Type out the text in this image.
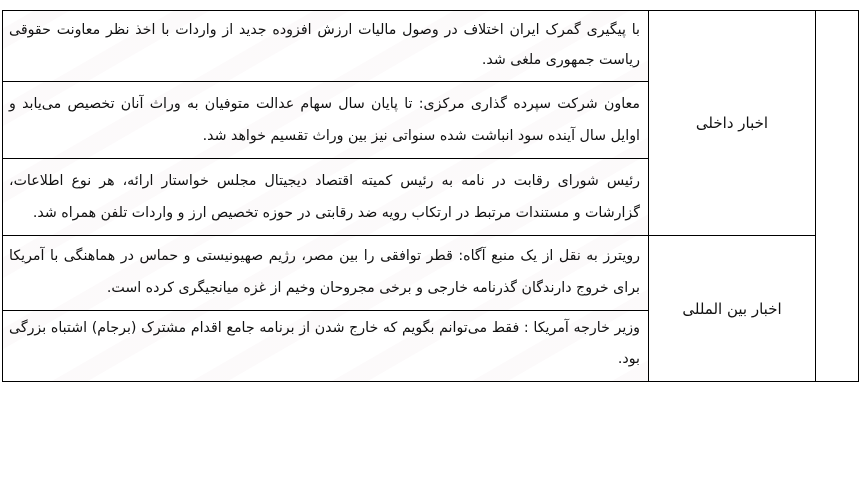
	اخبار داخلی	با پیگیری گمرک ایران اختلاف در وصول مالیات ارزش افزوده جدید از واردات با اخذ نظر معاونت حقوقی ریاست جمهوری ملغی شد.
معاون شرکت سپرده گذاری مرکزی: تا پایان سال سهام عدالت متوفیان به وراث آنان تخصیص می‌یابد و اوایل سال آینده سود انباشت شده سنواتی نیز بین وراث تقسیم خواهد شد.
رئیس شورای رقابت در نامه به رئیس کمیته اقتصاد دیجیتال مجلس خواستار ارائه، هر نوع اطلاعات، گزارشات و مستندات مرتبط در ارتکاب رویه ضد رقابتی در حوزه تخصیص ارز و واردات تلفن همراه شد.

	اخبار بین المللی	رویترز به نقل از یک منبع آگاه: قطر توافقی را بین مصر، رژیم صهیونیستی و حماس در هماهنگی با آمریکا برای خروج دارندگان گذرنامه خارجی و برخی مجروحان وخیم از غزه میانجیگری کرده است.
وزیر خارجه آمریکا : فقط می‌توانم بگویم که خارج شدن از برنامه جامع اقدام مشترک (برجام) اشتباه بزرگی بود.
